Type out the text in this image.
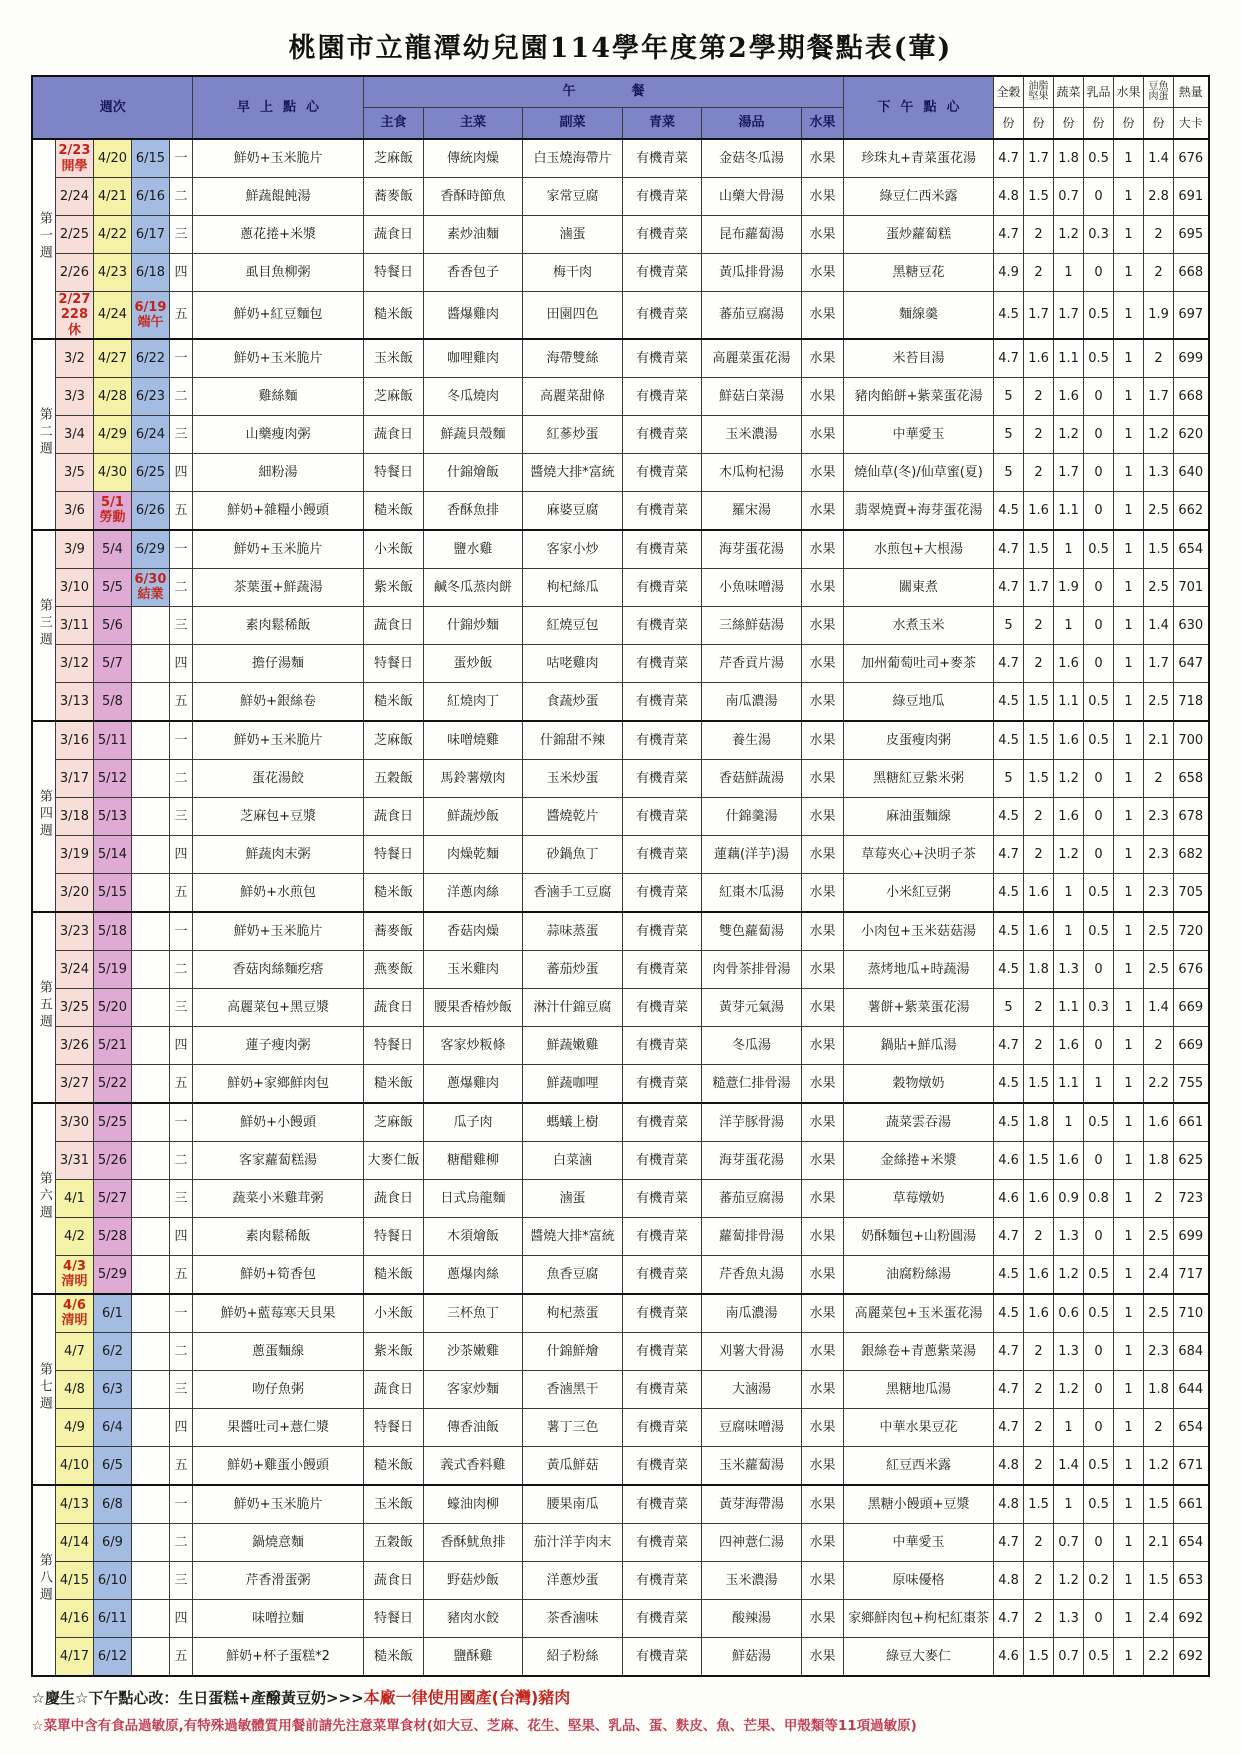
桃園市立龍潭幼兒園114學年度第2學期餐點表(葷)
週次					早上點心	午　　餐						下午點心	全穀	油脂堅果	蔬菜	乳品	水果	豆魚肉蛋	熱量
						主食	主菜	副菜	青菜	湯品	水果		份	份	份	份	份	份	大卡
第一週	2/23 開學	4/20	6/15	一	鮮奶+玉米脆片	芝麻飯	傳統肉燥	白玉燒海帶片	有機青菜	金菇冬瓜湯	水果	珍珠丸+青菜蛋花湯	4.7	1.7	1.8	0.5	1	1.4	676
	2/24	4/21	6/16	二	鮮蔬餛飩湯	蕎麥飯	香酥時節魚	家常豆腐	有機青菜	山藥大骨湯	水果	綠豆仁西米露	4.8	1.5	0.7	0	1	2.8	691
	2/25	4/22	6/17	三	蔥花捲+米漿	蔬食日	素炒油麵	滷蛋	有機青菜	昆布蘿蔔湯	水果	蛋炒蘿蔔糕	4.7	2	1.2	0.3	1	2	695
	2/26	4/23	6/18	四	虱目魚柳粥	特餐日	香香包子	梅干肉	有機青菜	黃瓜排骨湯	水果	黑糖豆花	4.9	2	1	0	1	2	668
	2/27 228休	4/24	6/19 端午	五	鮮奶+紅豆麵包	糙米飯	醬爆雞肉	田園四色	有機青菜	蕃茄豆腐湯	水果	麵線羹	4.5	1.7	1.7	0.5	1	1.9	697
第二週	3/2	4/27	6/22	一	鮮奶+玉米脆片	玉米飯	咖哩雞肉	海帶雙絲	有機青菜	高麗菜蛋花湯	水果	米苔目湯	4.7	1.6	1.1	0.5	1	2	699
	3/3	4/28	6/23	二	雞絲麵	芝麻飯	冬瓜燒肉	高麗菜甜條	有機青菜	鮮菇白菜湯	水果	豬肉餡餅+紫菜蛋花湯	5	2	1.6	0	1	1.7	668
	3/4	4/29	6/24	三	山藥瘦肉粥	蔬食日	鮮蔬貝殼麵	紅蔘炒蛋	有機青菜	玉米濃湯	水果	中華愛玉	5	2	1.2	0	1	1.2	620
	3/5	4/30	6/25	四	細粉湯	特餐日	什錦燴飯	醬燒大排*富統	有機青菜	木瓜枸杞湯	水果	燒仙草(冬)/仙草蜜(夏)	5	2	1.7	0	1	1.3	640
	3/6	5/1 勞動	6/26	五	鮮奶+雜糧小饅頭	糙米飯	香酥魚排	麻婆豆腐	有機青菜	羅宋湯	水果	翡翠燒賣+海芽蛋花湯	4.5	1.6	1.1	0	1	2.5	662
第三週	3/9	5/4	6/29	一	鮮奶+玉米脆片	小米飯	鹽水雞	客家小炒	有機青菜	海芽蛋花湯	水果	水煎包+大根湯	4.7	1.5	1	0.5	1	1.5	654
	3/10	5/5	6/30 結業	二	茶葉蛋+鮮蔬湯	紫米飯	鹹冬瓜蒸肉餅	枸杞絲瓜	有機青菜	小魚味噌湯	水果	關東煮	4.7	1.7	1.9	0	1	2.5	701
	3/11	5/6		三	素肉鬆稀飯	蔬食日	什錦炒麵	紅燒豆包	有機青菜	三絲鮮菇湯	水果	水煮玉米	5	2	1	0	1	1.4	630
	3/12	5/7		四	擔仔湯麵	特餐日	蛋炒飯	咕咾雞肉	有機青菜	芹香貢片湯	水果	加州葡萄吐司+麥茶	4.7	2	1.6	0	1	1.7	647
	3/13	5/8		五	鮮奶+銀絲卷	糙米飯	紅燒肉丁	食蔬炒蛋	有機青菜	南瓜濃湯	水果	綠豆地瓜	4.5	1.5	1.1	0.5	1	2.5	718
第四週	3/16	5/11		一	鮮奶+玉米脆片	芝麻飯	味噌燒雞	什錦甜不辣	有機青菜	養生湯	水果	皮蛋瘦肉粥	4.5	1.5	1.6	0.5	1	2.1	700
	3/17	5/12		二	蛋花湯餃	五穀飯	馬鈴薯燉肉	玉米炒蛋	有機青菜	香菇鮮蔬湯	水果	黑糖紅豆紫米粥	5	1.5	1.2	0	1	2	658
	3/18	5/13		三	芝麻包+豆漿	蔬食日	鮮蔬炒飯	醬燒乾片	有機青菜	什錦羹湯	水果	麻油蛋麵線	4.5	2	1.6	0	1	2.3	678
	3/19	5/14		四	鮮蔬肉末粥	特餐日	肉燥乾麵	砂鍋魚丁	有機青菜	蓮藕(洋芋)湯	水果	草莓夾心+決明子茶	4.7	2	1.2	0	1	2.3	682
	3/20	5/15		五	鮮奶+水煎包	糙米飯	洋蔥肉絲	香滷手工豆腐	有機青菜	紅棗木瓜湯	水果	小米紅豆粥	4.5	1.6	1	0.5	1	2.3	705
第五週	3/23	5/18		一	鮮奶+玉米脆片	蕎麥飯	香菇肉燥	蒜味蒸蛋	有機青菜	雙色蘿蔔湯	水果	小肉包+玉米菇菇湯	4.5	1.6	1	0.5	1	2.5	720
	3/24	5/19		二	香菇肉絲麵疙瘩	燕麥飯	玉米雞肉	蕃茄炒蛋	有機青菜	肉骨茶排骨湯	水果	蒸烤地瓜+時蔬湯	4.5	1.8	1.3	0	1	2.5	676
	3/25	5/20		三	高麗菜包+黑豆漿	蔬食日	腰果香椿炒飯	淋汁什錦豆腐	有機青菜	黃芽元氣湯	水果	薯餅+紫菜蛋花湯	5	2	1.1	0.3	1	1.4	669
	3/26	5/21		四	蓮子瘦肉粥	特餐日	客家炒粄條	鮮蔬嫩雞	有機青菜	冬瓜湯	水果	鍋貼+鮮瓜湯	4.7	2	1.6	0	1	2	669
	3/27	5/22		五	鮮奶+家鄉鮮肉包	糙米飯	蔥爆雞肉	鮮蔬咖哩	有機青菜	糙薏仁排骨湯	水果	穀物燉奶	4.5	1.5	1.1	1	1	2.2	755
第六週	3/30	5/25		一	鮮奶+小饅頭	芝麻飯	瓜子肉	螞蟻上樹	有機青菜	洋芋豚骨湯	水果	蔬菜雲吞湯	4.5	1.8	1	0.5	1	1.6	661
	3/31	5/26		二	客家蘿蔔糕湯	大麥仁飯	糖醋雞柳	白菜滷	有機青菜	海芽蛋花湯	水果	金絲捲+米漿	4.6	1.5	1.6	0	1	1.8	625
	4/1	5/27		三	蔬菜小米雞茸粥	蔬食日	日式烏龍麵	滷蛋	有機青菜	蕃茄豆腐湯	水果	草莓燉奶	4.6	1.6	0.9	0.8	1	2	723
	4/2	5/28		四	素肉鬆稀飯	特餐日	木須燴飯	醬燒大排*富統	有機青菜	蘿蔔排骨湯	水果	奶酥麵包+山粉圓湯	4.7	2	1.3	0	1	2.5	699
	4/3清明	5/29		五	鮮奶+筍香包	糙米飯	蔥爆肉絲	魚香豆腐	有機青菜	芹香魚丸湯	水果	油腐粉絲湯	4.5	1.6	1.2	0.5	1	2.4	717
第七週	4/6清明	6/1		一	鮮奶+藍莓寒天貝果	小米飯	三杯魚丁	枸杞蒸蛋	有機青菜	南瓜濃湯	水果	高麗菜包+玉米蛋花湯	4.5	1.6	0.6	0.5	1	2.5	710
	4/7	6/2		二	蔥蛋麵線	紫米飯	沙茶嫩雞	什錦鮮燴	有機青菜	刈薯大骨湯	水果	銀絲卷+青蔥紫菜湯	4.7	2	1.3	0	1	2.3	684
	4/8	6/3		三	吻仔魚粥	蔬食日	客家炒麵	香滷黑干	有機青菜	大滷湯	水果	黑糖地瓜湯	4.7	2	1.2	0	1	1.8	644
	4/9	6/4		四	果醬吐司+薏仁漿	特餐日	傳香油飯	薯丁三色	有機青菜	豆腐味噌湯	水果	中華水果豆花	4.7	2	1	0	1	2	654
	4/10	6/5		五	鮮奶+雞蛋小饅頭	糙米飯	義式香料雞	黃瓜鮮菇	有機青菜	玉米蘿蔔湯	水果	紅豆西米露	4.8	2	1.4	0.5	1	1.2	671
第八週	4/13	6/8		一	鮮奶+玉米脆片	玉米飯	蠔油肉柳	腰果南瓜	有機青菜	黃芽海帶湯	水果	黑糖小饅頭+豆漿	4.8	1.5	1	0.5	1	1.5	661
	4/14	6/9		二	鍋燒意麵	五穀飯	香酥魷魚排	茄汁洋芋肉末	有機青菜	四神薏仁湯	水果	中華愛玉	4.7	2	0.7	0	1	2.1	654
	4/15	6/10		三	芹香滑蛋粥	蔬食日	野菇炒飯	洋蔥炒蛋	有機青菜	玉米濃湯	水果	原味優格	4.8	2	1.2	0.2	1	1.5	653
	4/16	6/11		四	味噌拉麵	特餐日	豬肉水餃	茶香滷味	有機青菜	酸辣湯	水果	家鄉鮮肉包+枸杞紅棗茶	4.7	2	1.3	0	1	2.4	692
	4/17	6/12		五	鮮奶+杯子蛋糕*2	糙米飯	鹽酥雞	紹子粉絲	有機青菜	鮮菇湯	水果	綠豆大麥仁	4.6	1.5	0.7	0.5	1	2.2	692
☆慶生☆下午點心改：生日蛋糕+產醱黃豆奶>>>本廠一律使用國產(台灣)豬肉
☆菜單中含有食品過敏原,有特殊過敏體質用餐前請先注意菜單食材(如大豆、芝麻、花生、堅果、乳品、蛋、麩皮、魚、芒果、甲殼類等11項過敏原)
